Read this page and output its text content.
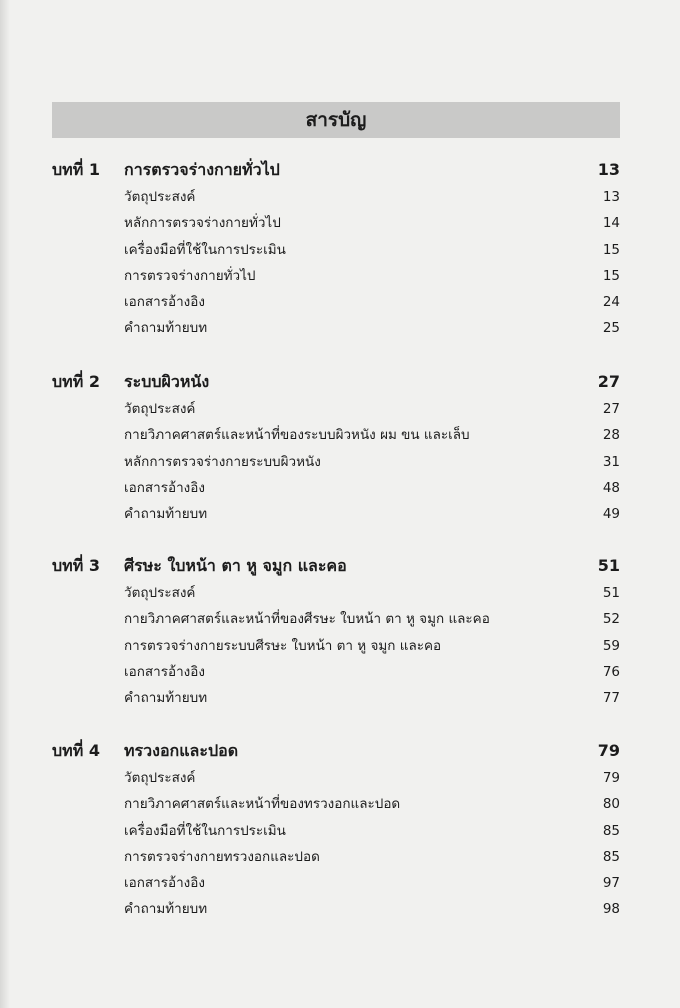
สารบัญ
บทที่ 1	การตรวจร่างกายทั่วไป	13
วัตถุประสงค์	13
หลักการตรวจร่างกายทั่วไป	14
เครื่องมือที่ใช้ในการประเมิน	15
การตรวจร่างกายทั่วไป	15
เอกสารอ้างอิง	24
คำถามท้ายบท	25
บทที่ 2	ระบบผิวหนัง	27
วัตถุประสงค์	27
กายวิภาคศาสตร์และหน้าที่ของระบบผิวหนัง ผม ขน และเล็บ	28
หลักการตรวจร่างกายระบบผิวหนัง	31
เอกสารอ้างอิง	48
คำถามท้ายบท	49
บทที่ 3	ศีรษะ ใบหน้า ตา หู จมูก และคอ	51
วัตถุประสงค์	51
กายวิภาคศาสตร์และหน้าที่ของศีรษะ ใบหน้า ตา หู จมูก และคอ	52
การตรวจร่างกายระบบศีรษะ ใบหน้า ตา หู จมูก และคอ	59
เอกสารอ้างอิง	76
คำถามท้ายบท	77
บทที่ 4	ทรวงอกและปอด	79
วัตถุประสงค์	79
กายวิภาคศาสตร์และหน้าที่ของทรวงอกและปอด	80
เครื่องมือที่ใช้ในการประเมิน	85
การตรวจร่างกายทรวงอกและปอด	85
เอกสารอ้างอิง	97
คำถามท้ายบท	98
